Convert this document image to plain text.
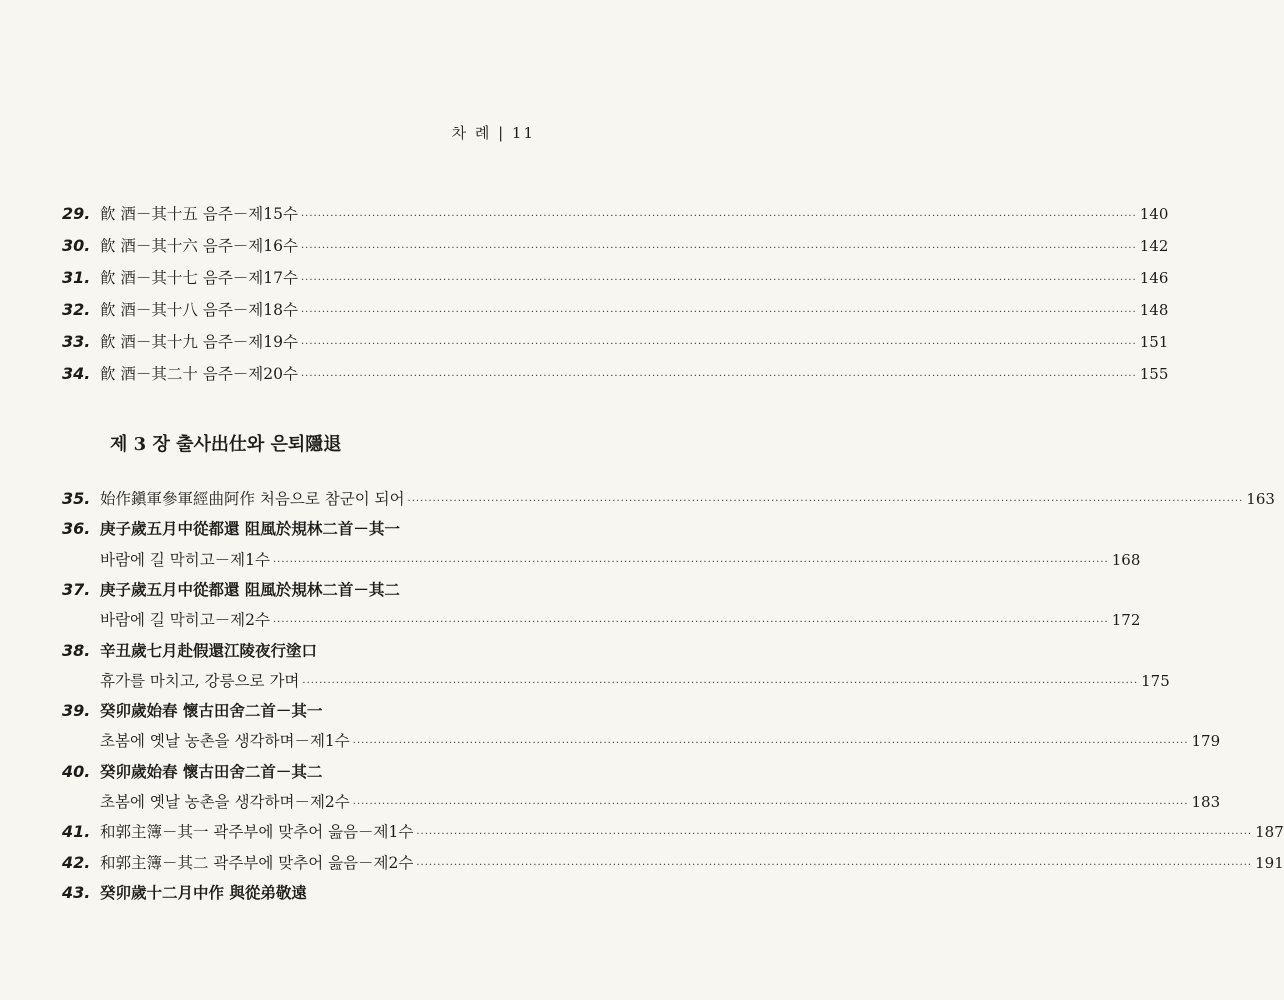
차 례 | 11
제 3 장 출사出仕와 은퇴隱退
29. 飮 酒－其十五 음주－제15수 ········································································································································································································ 140
30. 飮 酒－其十六 음주－제16수 ········································································································································································································ 142
31. 飮 酒－其十七 음주－제17수 ········································································································································································································ 146
32. 飮 酒－其十八 음주－제18수 ········································································································································································································ 148
33. 飮 酒－其十九 음주－제19수 ········································································································································································································ 151
34. 飮 酒－其二十 음주－제20수 ········································································································································································································ 155
35. 始作鎭軍參軍經曲阿作 처음으로 참군이 되어 ········································································································································································································ 163
36. 庚子歲五月中從都還 阻風於規林二首－其一
바람에 길 막히고－제1수 ········································································································································································································ 168
37. 庚子歲五月中從都還 阻風於規林二首－其二
바람에 길 막히고－제2수 ········································································································································································································ 172
38. 辛丑歲七月赴假還江陵夜行塗口
휴가를 마치고, 강릉으로 가며 ········································································································································································································ 175
39. 癸卯歲始春 懷古田舍二首－其一
초봄에 옛날 농촌을 생각하며－제1수 ········································································································································································································ 179
40. 癸卯歲始春 懷古田舍二首－其二
초봄에 옛날 농촌을 생각하며－제2수 ········································································································································································································ 183
41. 和郭主簿－其一 곽주부에 맞추어 읊음－제1수 ········································································································································································································ 187
42. 和郭主簿－其二 곽주부에 맞추어 읊음－제2수 ········································································································································································································ 191
43. 癸卯歲十二月中作 與從弟敬遠
